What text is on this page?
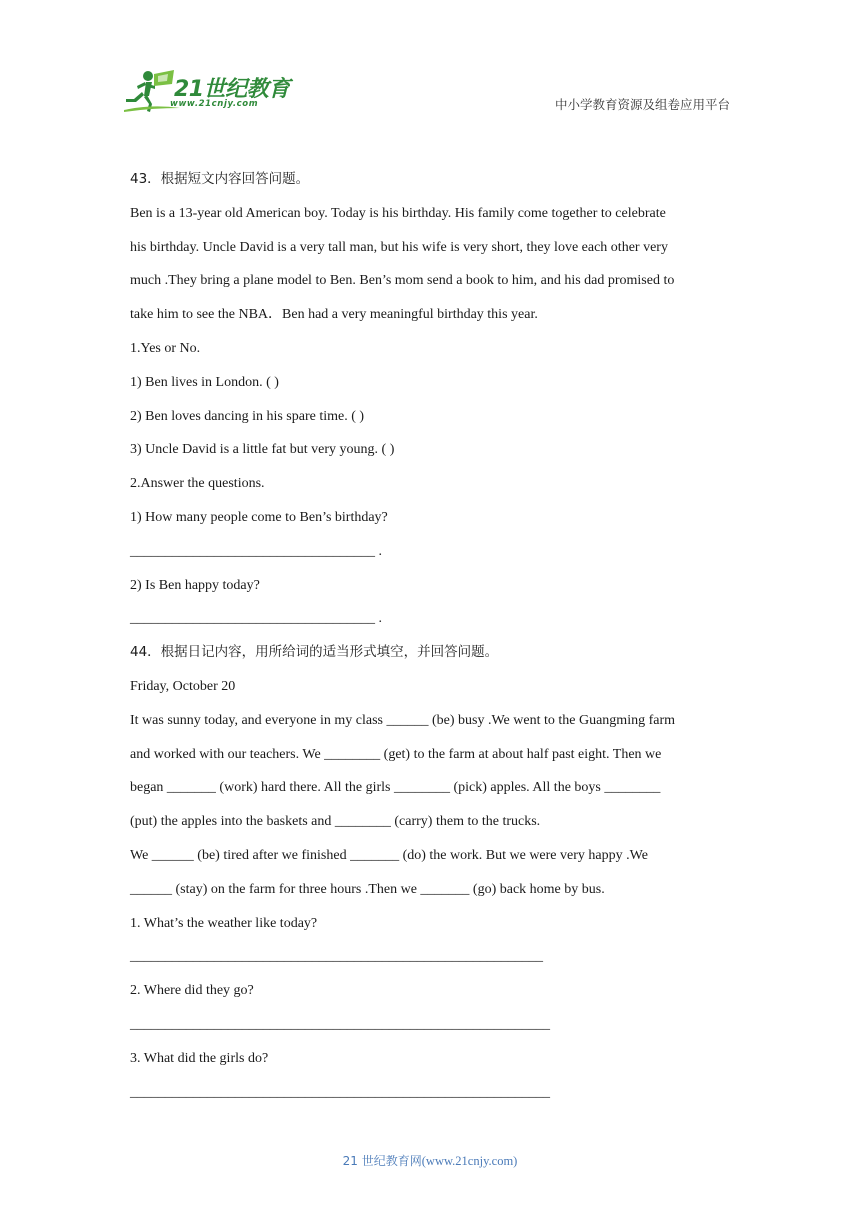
21世纪教育
www.21cnjy.com	中小学教育资源及组卷应用平台
43．根据短文内容回答问题。
Ben is a 13-year old American boy. Today is his birthday. His family come together to celebrate
his birthday. Uncle David is a very tall man, but his wife is very short, they love each other very
much .They bring a plane model to Ben. Ben’s mom send a book to him, and his dad promised to
take him to see the NBA．Ben had a very meaningful birthday this year.
1.Yes or No.
1) Ben lives in London. ( )
2) Ben loves dancing in his spare time. ( )
3) Uncle David is a little fat but very young. ( )
2.Answer the questions.
1) How many people come to Ben’s birthday?
___________________________________ .
2) Is Ben happy today?
___________________________________ .
44．根据日记内容，用所给词的适当形式填空，并回答问题。
Friday, October 20
It was sunny today, and everyone in my class ______ (be) busy .We went to the Guangming farm
and worked with our teachers. We ________ (get) to the farm at about half past eight. Then we
began _______ (work) hard there. All the girls ________ (pick) apples. All the boys ________
(put) the apples into the baskets and ________ (carry) them to the trucks.
We ______ (be) tired after we finished _______ (do) the work. But we were very happy .We
______ (stay) on the farm for three hours .Then we _______ (go) back home by bus.
1. What’s the weather like today?
___________________________________________________________
2. Where did they go?
____________________________________________________________
3. What did the girls do?
____________________________________________________________
21 世纪教育网(www.21cnjy.com)
